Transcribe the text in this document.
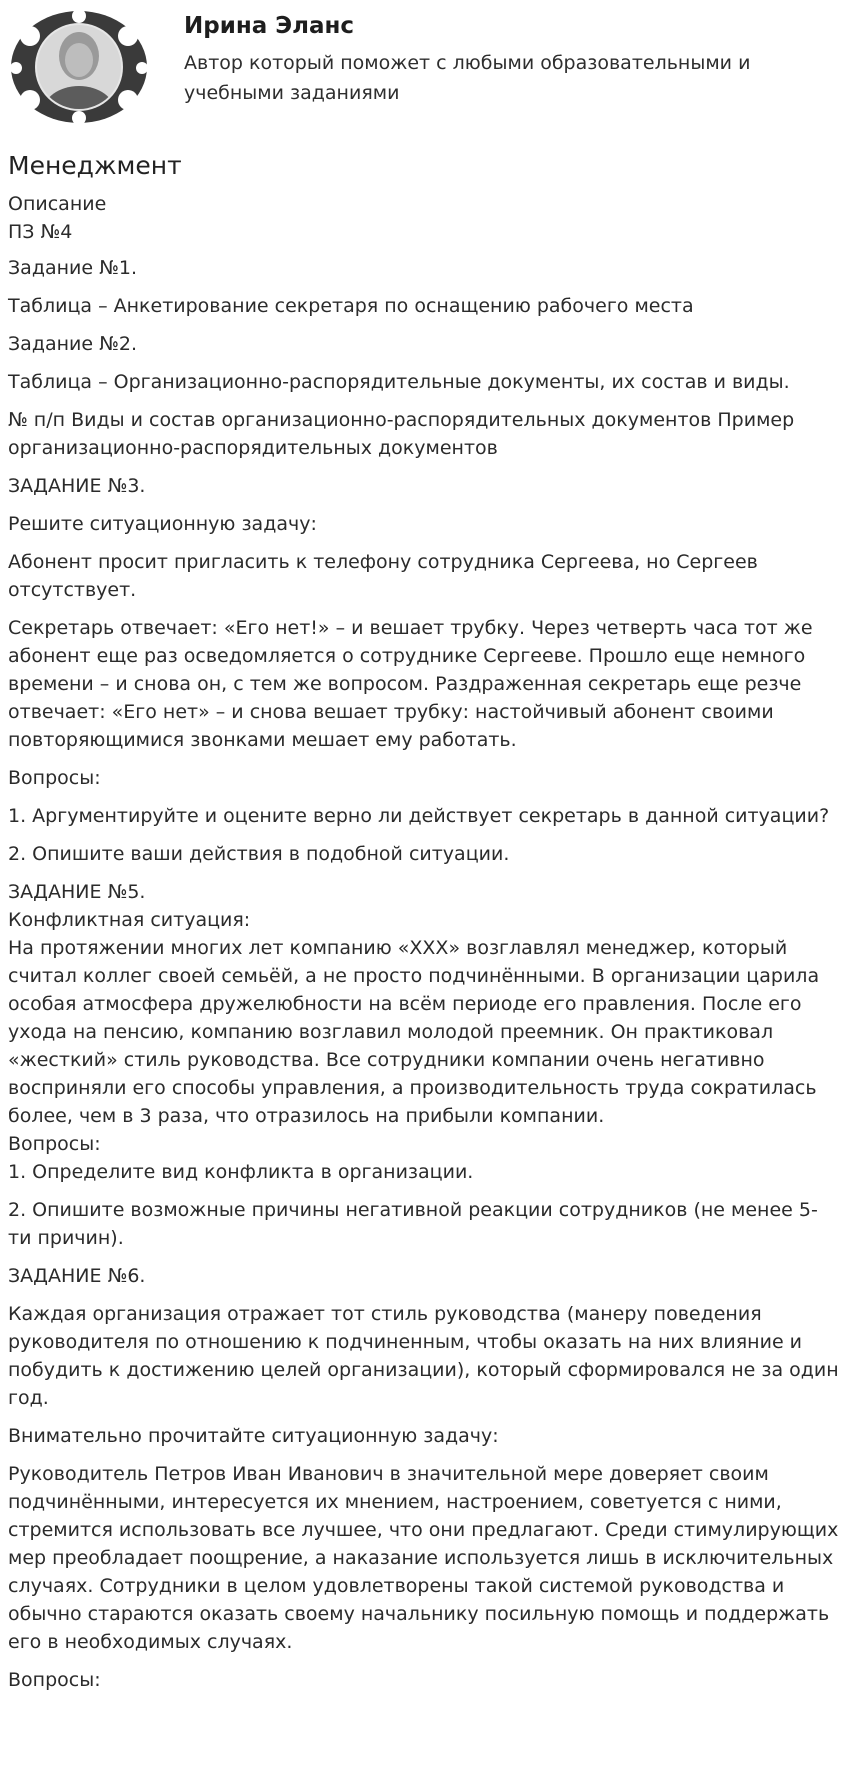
Ирина Эланс
Автор который поможет с любыми образовательными и учебными заданиями
Менеджмент

Описание

ПЗ №4

Задание №1.

Таблица – Анкетирование секретаря по оснащению рабочего места

Задание №2.

Таблица – Организационно-распорядительные документы, их состав и виды.

№ п/п Виды и состав организационно-распорядительных документов Пример организационно-распорядительных документов

ЗАДАНИЕ №3.

Решите ситуационную задачу:

Абонент просит пригласить к телефону сотрудника Сергеева, но Сергеев отсутствует.

Секретарь отвечает: «Его нет!» – и вешает трубку. Через четверть часа тот же абонент еще раз осведомляется о сотруднике Сергееве. Прошло еще немного времени – и снова он, с тем же вопросом. Раздраженная секретарь еще резче отвечает: «Его нет» – и снова вешает трубку: настойчивый абонент своими повторяющимися звонками мешает ему работать.

Вопросы:

1. Аргументируйте и оцените верно ли действует секретарь в данной ситуации?

2. Опишите ваши действия в подобной ситуации.

ЗАДАНИЕ №5.

Конфликтная ситуация:

На протяжении многих лет компанию «ХХХ» возглавлял менеджер, который считал коллег своей семьёй, а не просто подчинёнными. В организации царила особая атмосфера дружелюбности на всём периоде его правления. После его ухода на пенсию, компанию возглавил молодой преемник. Он практиковал «жесткий» стиль руководства. Все сотрудники компании очень негативно восприняли его способы управления, а производительность труда сократилась более, чем в 3 раза, что отразилось на прибыли компании.

Вопросы:

1. Определите вид конфликта в организации.

2. Опишите возможные причины негативной реакции сотрудников (не менее 5-ти причин).

ЗАДАНИЕ №6.

Каждая организация отражает тот стиль руководства (манеру поведения руководителя по отношению к подчиненным, чтобы оказать на них влияние и побудить к достижению целей организации), который сформировался не за один год.

Внимательно прочитайте ситуационную задачу:

Руководитель Петров Иван Иванович в значительной мере доверяет своим подчинёнными, интересуется их мнением, настроением, советуется с ними, стремится использовать все лучшее, что они предлагают. Среди стимулирующих мер преобладает поощрение, а наказание используется лишь в исключительных случаях. Сотрудники в целом удовлетворены такой системой руководства и обычно стараются оказать своему начальнику посильную помощь и поддержать его в необходимых случаях.

Вопросы:
